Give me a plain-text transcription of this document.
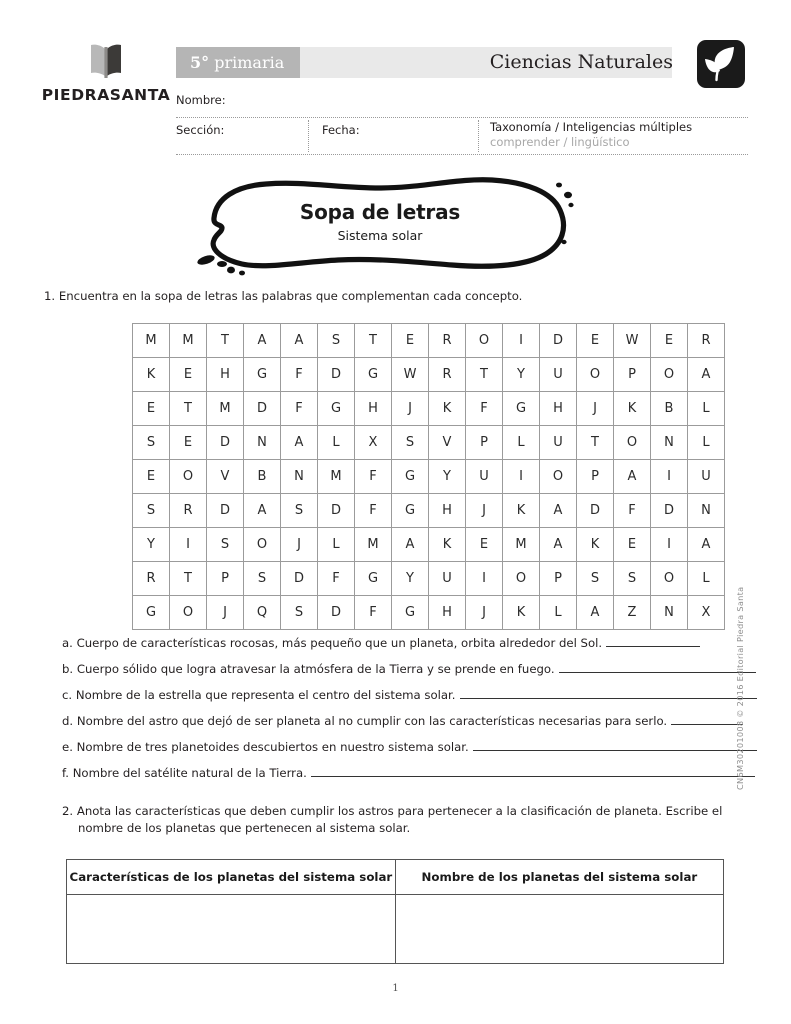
PIEDRASANTA
5° primaria	Ciencias Naturales
Nombre:
Sección:	Fecha:	Taxonomía / Inteligencias múltiples
comprender / lingüístico
Sopa de letras
Sistema solar
1. Encuentra en la sopa de letras las palabras que complementan cada concepto.
M	M	T	A	A	S	T	E	R	O	I	D	E	W	E	R
K	E	H	G	F	D	G	W	R	T	Y	U	O	P	O	A
E	T	M	D	F	G	H	J	K	F	G	H	J	K	B	L
S	E	D	N	A	L	X	S	V	P	L	U	T	O	N	L
E	O	V	B	N	M	F	G	Y	U	I	O	P	A	I	U
S	R	D	A	S	D	F	G	H	J	K	A	D	F	D	N
Y	I	S	O	J	L	M	A	K	E	M	A	K	E	I	A
R	T	P	S	D	F	G	Y	U	I	O	P	S	S	O	L
G	O	J	Q	S	D	F	G	H	J	K	L	A	Z	N	X
a. Cuerpo de características rocosas, más pequeño que un planeta, orbita alrededor del Sol.
b. Cuerpo sólido que logra atravesar la atmósfera de la Tierra y se prende en fuego.
c. Nombre de la estrella que representa el centro del sistema solar.
d. Nombre del astro que dejó de ser planeta al no cumplir con las características necesarias para serlo.
e. Nombre de tres planetoides descubiertos en nuestro sistema solar.
f. Nombre del satélite natural de la Tierra.
2. Anota las características que deben cumplir los astros para pertenecer a la clasificación de planeta. Escribe el nombre de los planetas que pertenecen al sistema solar.
Características de los planetas del sistema solar	Nombre de los planetas del sistema solar

CN6M30201008 © 2016 Editorial Piedra Santa
1
